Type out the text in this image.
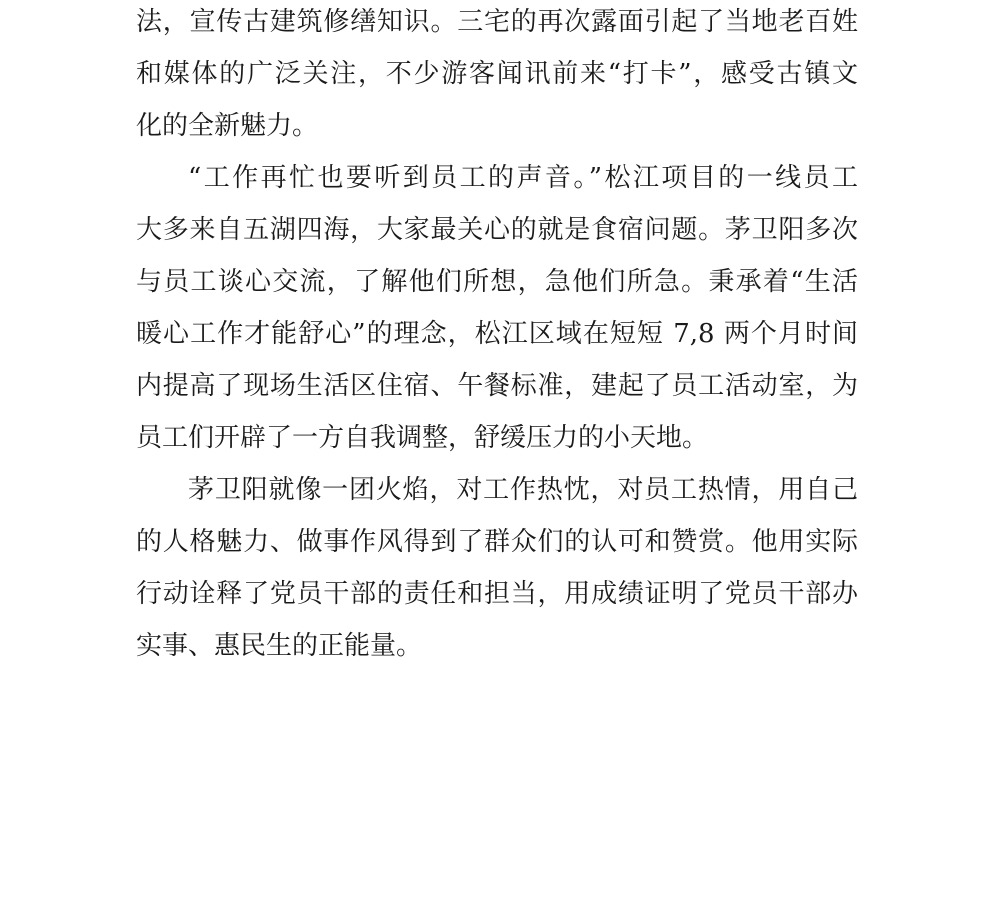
法，宣传古建筑修缮知识。三宅的再次露面引起了当地老百姓
和媒体的广泛关注，不少游客闻讯前来“打卡”，感受古镇文
化的全新魅力。
“工作再忙也要听到员工的声音。”松江项目的一线员工
大多来自五湖四海，大家最关心的就是食宿问题。茅卫阳多次
与员工谈心交流，了解他们所想，急他们所急。秉承着“生活
暖心工作才能舒心”的理念，松江区域在短短 7,8 两个月时间
内提高了现场生活区住宿、午餐标准，建起了员工活动室，为
员工们开辟了一方自我调整，舒缓压力的小天地。
茅卫阳就像一团火焰，对工作热忱，对员工热情，用自己
的人格魅力、做事作风得到了群众们的认可和赞赏。他用实际
行动诠释了党员干部的责任和担当，用成绩证明了党员干部办
实事、惠民生的正能量。
